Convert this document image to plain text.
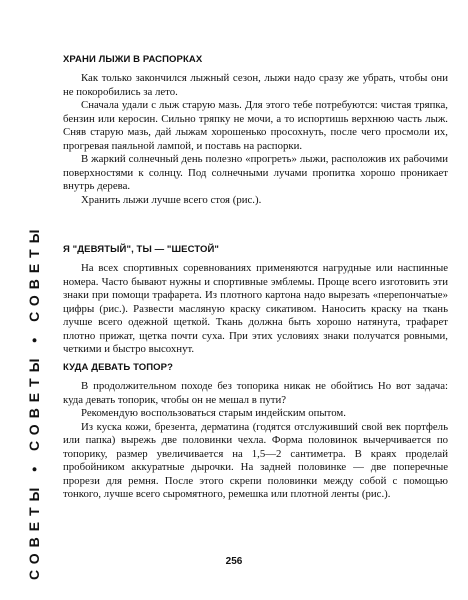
СОВЕТЫ • СОВЕТЫ • СОВЕТЫ
ХРАНИ ЛЫЖИ В РАСПОРКАХ

Как только закончился лыжный сезон, лыжи надо сразу же убрать, чтобы они не покоробились за лето.

Сначала удали с лыж старую мазь. Для этого тебе потребуются: чистая тряпка, бензин или керосин. Сильно тряпку не мочи, а то испортишь верхнюю часть лыж. Сняв старую мазь, дай лыжам хорошенько просохнуть, после чего просмоли их, прогревая паяльной лампой, и поставь на распорки.

В жаркий солнечный день полезно «прогреть» лыжи, расположив их рабочими поверхностями к солнцу. Под солнечными лучами пропитка хорошо проникает внутрь дерева.

Хранить лыжи лучше всего стоя (рис.).

Я "ДЕВЯТЫЙ", ТЫ — "ШЕСТОЙ"

На всех спортивных соревнованиях применяются нагрудные или наспинные номера. Часто бывают нужны и спортивные эмблемы. Проще всего изготовить эти знаки при помощи трафарета. Из плотного картона надо вырезать «перепончатые» цифры (рис.). Развести масляную краску сикативом. Наносить краску на ткань лучше всего одежной щеткой. Ткань должна быть хорошо натянута, трафарет плотно прижат, щетка почти суха. При этих условиях знаки получатся ровными, четкими и быстро высохнут.

КУДА ДЕВАТЬ ТОПОР?

В продолжительном походе без топорика никак не обойтись Но вот задача: куда девать топорик, чтобы он не мешал в пути?

Рекомендую воспользоваться старым индейским опытом.

Из куска кожи, брезента, дерматина (годятся отслуживший свой век портфель или папка) вырежь две половинки чехла. Форма половинок вычерчивается по топорику, размер увеличивается на 1,5—2 сантиметра. В краях проделай пробойником аккуратные дырочки. На задней половинке — две поперечные прорези для ремня. После этого скрепи половинки между собой с помощью тонкого, лучше всего сыромятного, ремешка или плотной ленты (рис.).

256
